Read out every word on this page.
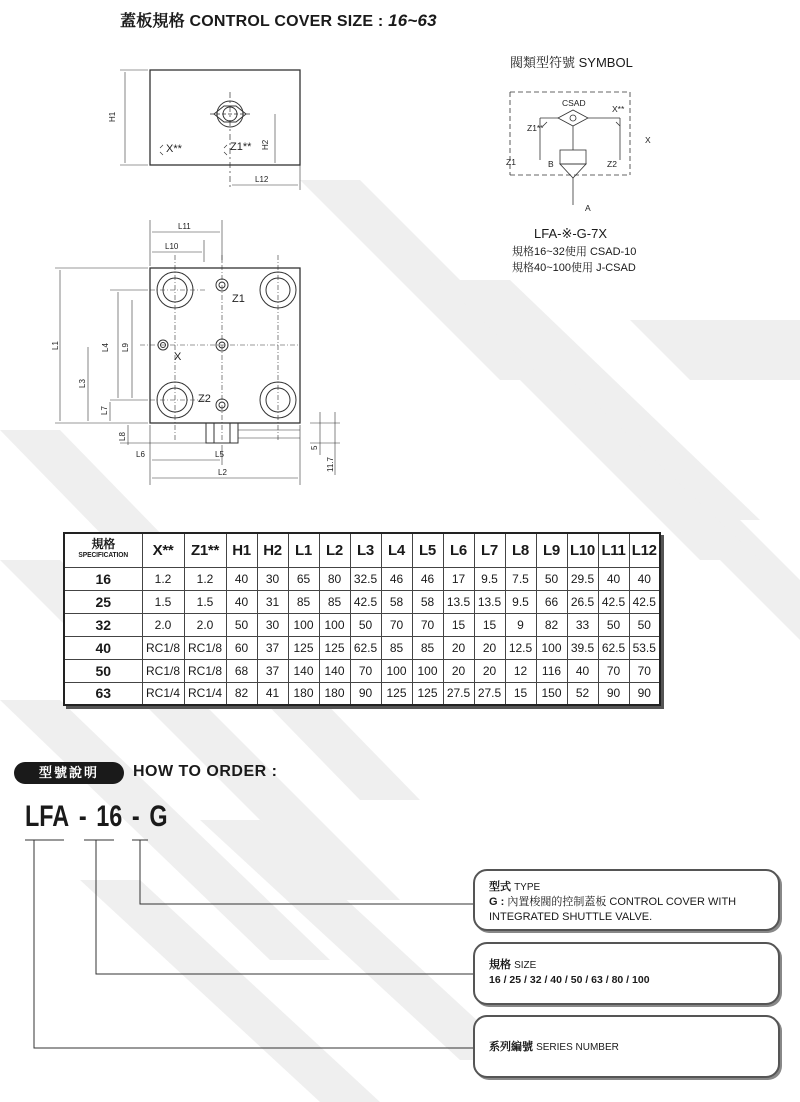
蓋板規格 CONTROL COVER SIZE : 16~63
H1
H2
L12
X**	Z1**
L11
L10
Z1
X
Z2
L1	L4 L9
L3
L7
L8
L6	L5
L2
5
11.7
CSAD
X**
Z1**
X
Z1	B	Z2
A
閥類型符號 SYMBOL
LFA-※-G-7X
規格16~32使用 CSAD-10
規格40~100使用 J-CSAD
規格
SPECIFICATION	X**	Z1**	H1	H2	L1	L2	L3	L4	L5	L6	L7	L8	L9	L10	L11	L12
16	1.2	1.2	40	30	65	80	32.5	46	46	17	9.5	7.5	50	29.5	40	40
25	1.5	1.5	40	31	85	85	42.5	58	58	13.5	13.5	9.5	66	26.5	42.5	42.5
32	2.0	2.0	50	30	100	100	50	70	70	15	15	9	82	33	50	50
40	RC1/8	RC1/8	60	37	125	125	62.5	85	85	20	20	12.5	100	39.5	62.5	53.5
50	RC1/8	RC1/8	68	37	140	140	70	100	100	20	20	12	116	40	70	70
63	RC1/4	RC1/4	82	41	180	180	90	125	125	27.5	27.5	15	150	52	90	90
型號說明	HOW TO ORDER :
LFA - 16 - G
型式 TYPE
G : 內置梭閥的控制蓋板 CONTROL COVER WITH
INTEGRATED SHUTTLE VALVE.
規格 SIZE
16 / 25 / 32 / 40 / 50 / 63 / 80 / 100
系列編號 SERIES NUMBER
